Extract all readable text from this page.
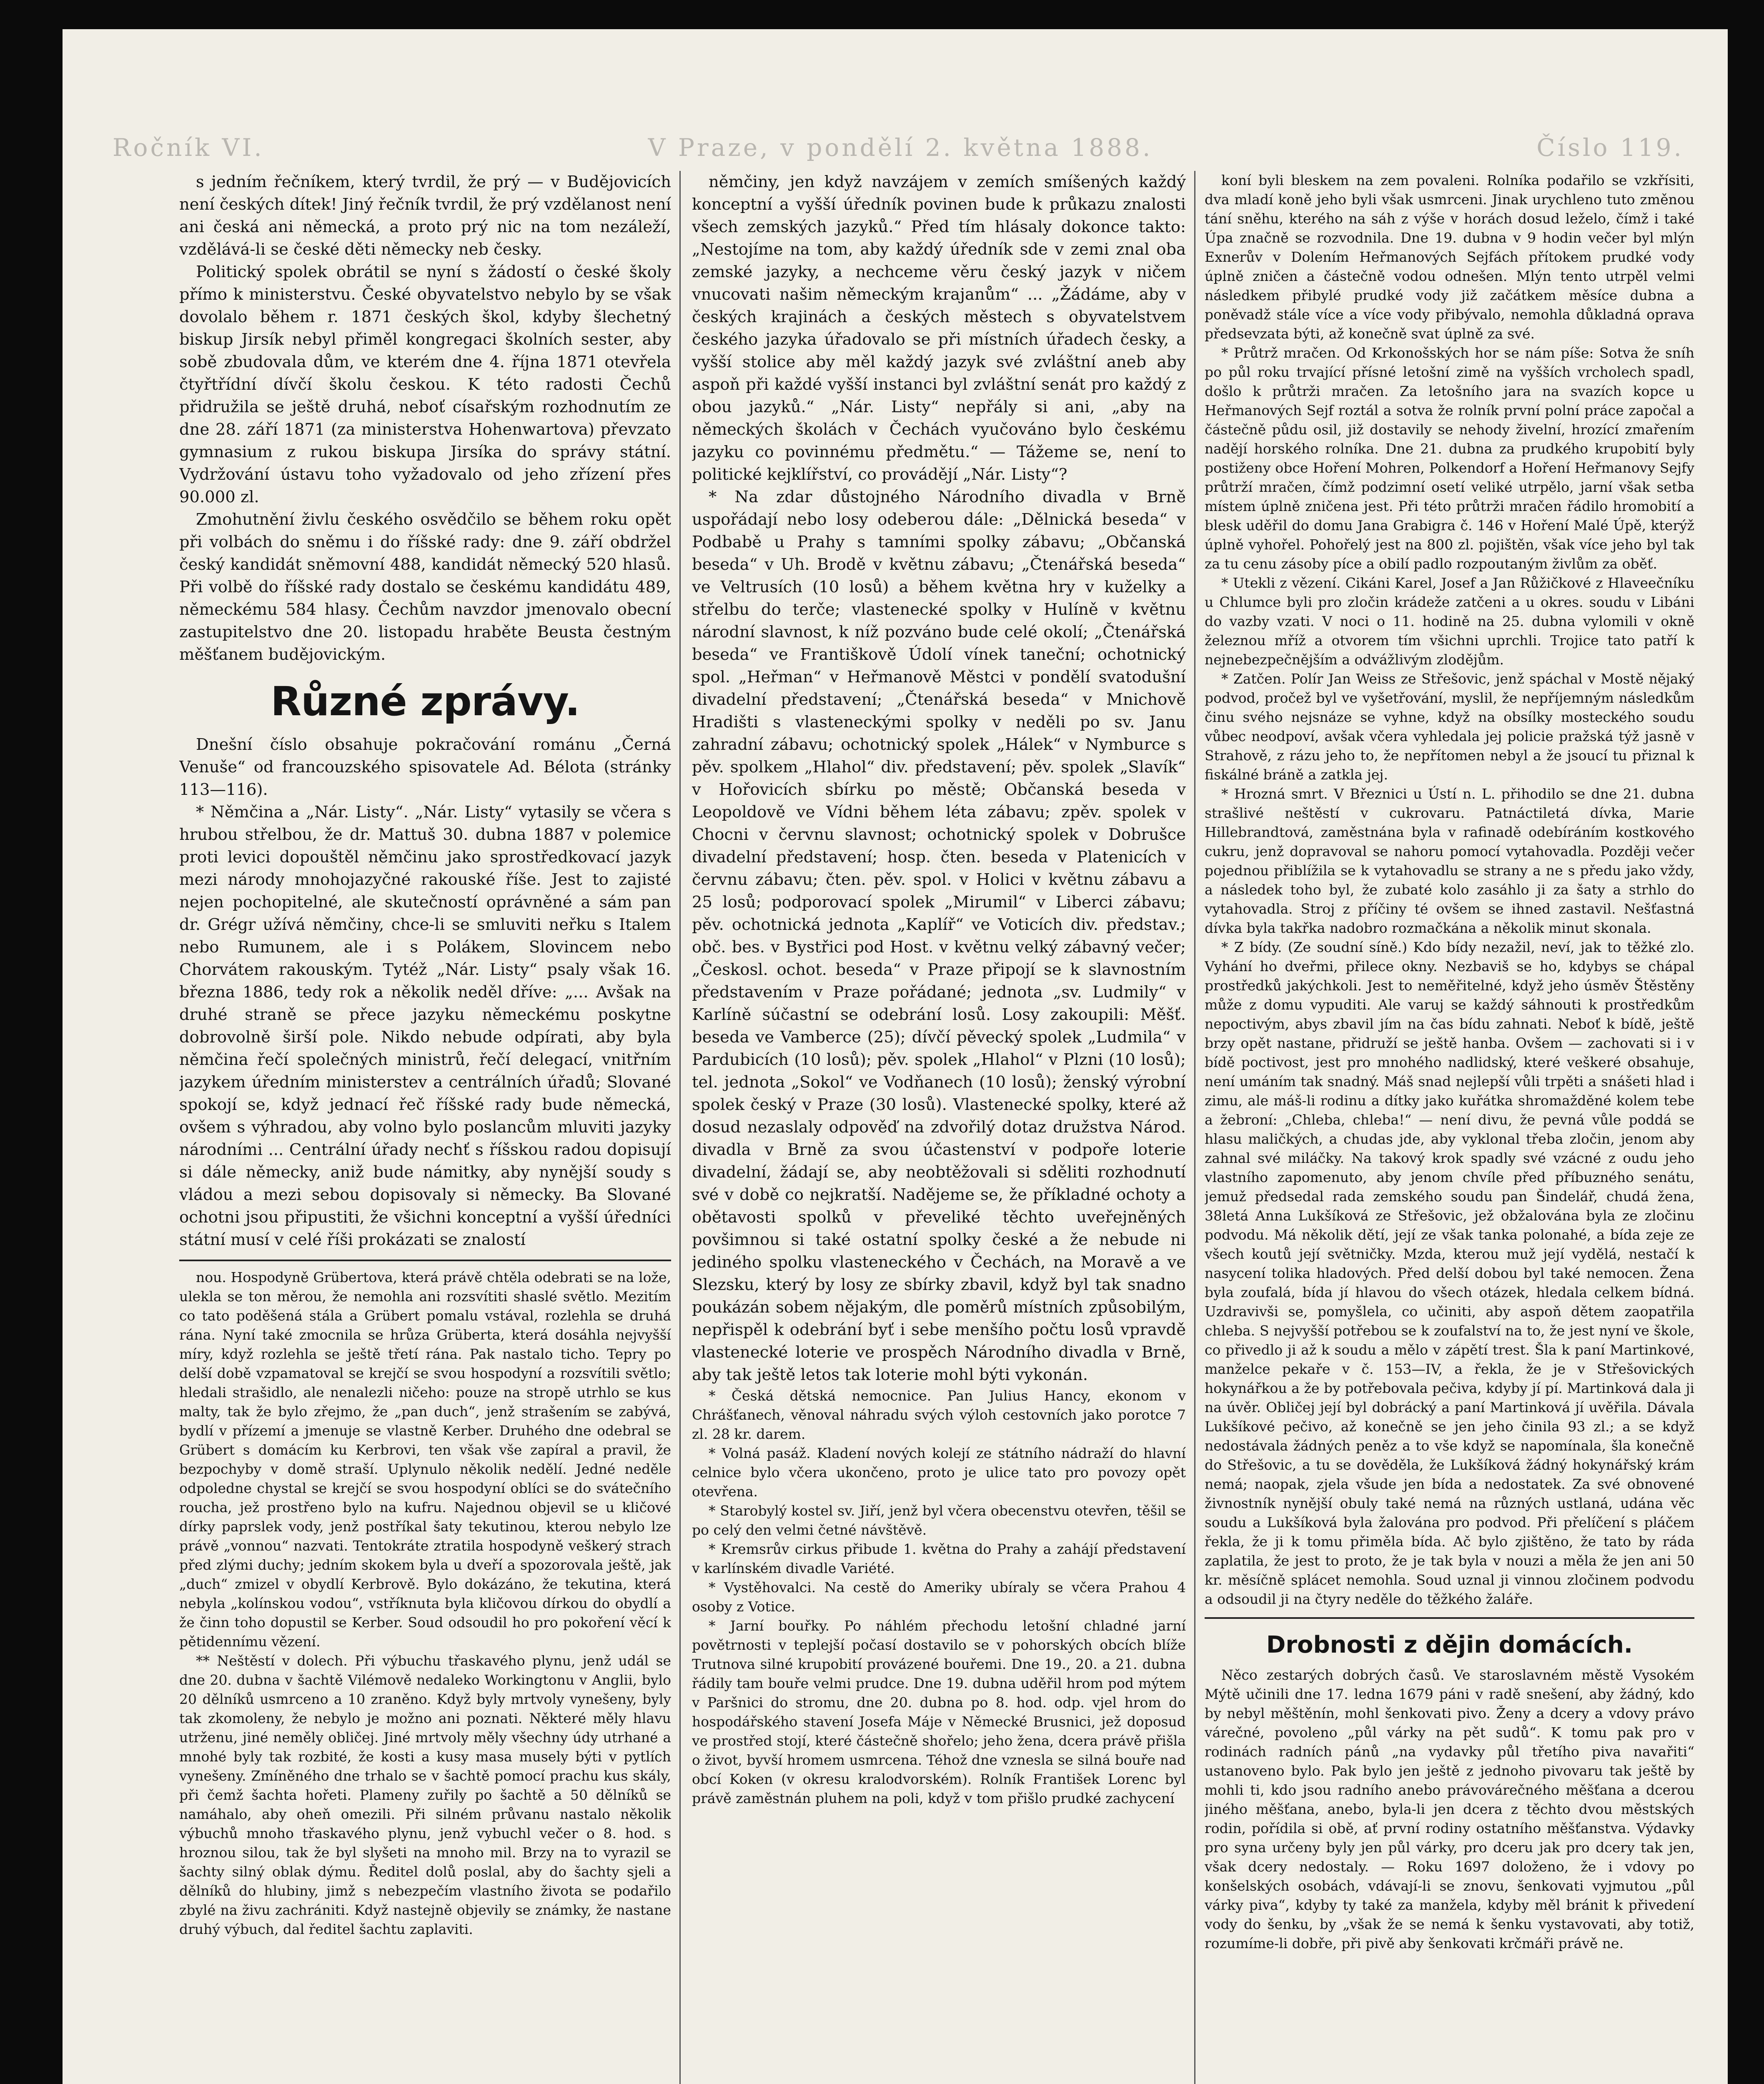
Ročník VI.	V Praze, v pondělí 2. května 1888.	Číslo 119.

s jedním řečníkem, který tvrdil, že prý — v Budějovicích není českých dítek! Jiný řečník tvrdil, že prý vzdělanost není ani česká ani německá, a proto prý nic na tom nezáleží, vzdělává-li se české děti německy neb česky.

Politický spolek obrátil se nyní s žádostí o české školy přímo k ministerstvu. České obyvatelstvo nebylo by se však dovolalo během r. 1871 českých škol, kdyby šlechetný biskup Jirsík nebyl přiměl kongregaci školních sester, aby sobě zbudovala dům, ve kterém dne 4. října 1871 otevřela čtyřtřídní dívčí školu českou. K této radosti Čechů přidružila se ještě druhá, neboť císařským rozhodnutím ze dne 28. září 1871 (za ministerstva Hohenwartova) převzato gymnasium z rukou biskupa Jirsíka do správy státní. Vydržování ústavu toho vyžadovalo od jeho zřízení přes 90.000 zl.

Zmohutnění živlu českého osvědčilo se během roku opět při volbách do sněmu i do říšské rady: dne 9. září obdržel český kandidát sněmovní 488, kandidát německý 520 hlasů. Při volbě do říšské rady dostalo se českému kandidátu 489, německému 584 hlasy. Čechům navzdor jmenovalo obecní zastupitelstvo dne 20. listopadu hraběte Beusta čestným měšťanem budějovickým.

Různé zprávy.

Dnešní číslo obsahuje pokračování románu „Černá Venuše“ od francouzského spisovatele Ad. Bélota (stránky 113—116).

* Němčina a „Nár. Listy“. „Nár. Listy“ vytasily se včera s hrubou střelbou, že dr. Mattuš 30. dubna 1887 v polemice proti levici dopouštěl němčinu jako sprostředkovací jazyk mezi národy mnohojazyčné rakouské říše. Jest to zajisté nejen pochopitelné, ale skutečností oprávněné a sám pan dr. Grégr užívá němčiny, chce-li se smluviti neřku s Italem nebo Rumunem, ale i s Polákem, Slovincem nebo Chorvátem rakouským. Tytéž „Nár. Listy“ psaly však 16. března 1886, tedy rok a několik neděl dříve: „... Avšak na druhé straně se přece jazyku německému poskytne dobrovolně širší pole. Nikdo nebude odpírati, aby byla němčina řečí společných ministrů, řečí delegací, vnitřním jazykem úředním ministerstev a centrálních úřadů; Slované spokojí se, když jednací řeč říšské rady bude německá, ovšem s výhradou, aby volno bylo poslancům mluviti jazyky národními ... Centrální úřady nechť s říšskou radou dopisují si dále německy, aniž bude námitky, aby nynější soudy s vládou a mezi sebou dopisovaly si německy. Ba Slované ochotni jsou připustiti, že všichni konceptní a vyšší úředníci státní musí v celé říši prokázati se znalostí

nou. Hospodyně Grübertova, která právě chtěla odebrati se na lože, ulekla se ton měrou, že nemohla ani rozsvítiti shaslé světlo. Mezitím co tato poděšená stála a Grübert pomalu vstával, rozlehla se druhá rána. Nyní také zmocnila se hrůza Grüberta, která dosáhla nejvyšší míry, když rozlehla se ještě třetí rána. Pak nastalo ticho. Tepry po delší době vzpamatoval se krejčí se svou hospodyní a rozsvítili světlo; hledali strašidlo, ale nenalezli ničeho: pouze na stropě utrhlo se kus malty, tak že bylo zřejmo, že „pan duch“, jenž strašením se zabývá, bydlí v přízemí a jmenuje se vlastně Kerber. Druhého dne odebral se Grübert s domácím ku Kerbrovi, ten však vše zapíral a pravil, že bezpochyby v domě straší. Uplynulo několik nedělí. Jedné neděle odpoledne chystal se krejčí se svou hospodyní oblíci se do svátečního roucha, jež prostřeno bylo na kufru. Najednou objevil se u kličové dírky paprslek vody, jenž postříkal šaty tekutinou, kterou nebylo lze právě „vonnou“ nazvati. Tentokráte ztratila hospodyně veškerý strach před zlými duchy; jedním skokem byla u dveří a spozorovala ještě, jak „duch“ zmizel v obydlí Kerbrově. Bylo dokázáno, že tekutina, která nebyla „kolínskou vodou“, vstříknuta byla kličovou dírkou do obydlí a že činn toho dopustil se Kerber. Soud odsoudil ho pro pokoření věcí k pětidennímu vězení.

** Neštěstí v dolech. Při výbuchu třaskavého plynu, jenž udál se dne 20. dubna v šachtě Vilémově nedaleko Workingtonu v Anglii, bylo 20 dělníků usmrceno a 10 zraněno. Když byly mrtvoly vynešeny, byly tak zkomoleny, že nebylo je možno ani poznati. Některé měly hlavu utrženu, jiné neměly obličej. Jiné mrtvoly měly všechny údy utrhané a mnohé byly tak rozbité, že kosti a kusy masa musely býti v pytlích vynešeny. Zmíněného dne trhalo se v šachtě pomocí prachu kus skály, při čemž šachta hořeti. Plameny zuřily po šachtě a 50 dělníků se namáhalo, aby oheň omezili. Při silném průvanu nastalo několik výbuchů mnoho třaskavého plynu, jenž vybuchl večer o 8. hod. s hroznou silou, tak že byl slyšeti na mnoho mil. Brzy na to vyrazil se šachty silný oblak dýmu. Ředitel dolů poslal, aby do šachty sjeli a dělníků do hlubiny, jimž s nebezpečím vlastního života se podařilo zbylé na živu zachrániti. Když nastejně objevily se známky, že nastane druhý výbuch, dal ředitel šachtu zaplaviti.

němčiny, jen když navzájem v zemích smíšených každý konceptní a vyšší úředník povinen bude k průkazu znalosti všech zemských jazyků.“ Před tím hlásaly dokonce takto: „Nestojíme na tom, aby každý úředník sde v zemi znal oba zemské jazyky, a nechceme věru český jazyk v ničem vnucovati našim německým krajanům“ ... „Žádáme, aby v českých krajinách a českých městech s obyvatelstvem českého jazyka úřadovalo se při místních úřadech česky, a vyšší stolice aby měl každý jazyk své zvláštní aneb aby aspoň při každé vyšší instanci byl zvláštní senát pro každý z obou jazyků.“ „Nár. Listy“ nepřály si ani, „aby na německých školách v Čechách vyučováno bylo českému jazyku co povinnému předmětu.“ — Tážeme se, není to politické kejklířství, co provádějí „Nár. Listy“?

* Na zdar důstojného Národního divadla v Brně uspořádají nebo losy odeberou dále: „Dělnická beseda“ v Podbabě u Prahy s tamními spolky zábavu; „Občanská beseda“ v Uh. Brodě v květnu zábavu; „Čtenářská beseda“ ve Veltrusích (10 losů) a během května hry v kuželky a střelbu do terče; vlastenecké spolky v Hulíně v květnu národní slavnost, k níž pozváno bude celé okolí; „Čtenářská beseda“ ve Františkově Údolí vínek taneční; ochotnický spol. „Heřman“ v Heřmanově Městci v pondělí svatodušní divadelní představení; „Čtenářská beseda“ v Mnichově Hradišti s vlasteneckými spolky v neděli po sv. Janu zahradní zábavu; ochotnický spolek „Hálek“ v Nymburce s pěv. spolkem „Hlahol“ div. představení; pěv. spolek „Slavík“ v Hořovicích sbírku po městě; Občanská beseda v Leopoldově ve Vídni během léta zábavu; zpěv. spolek v Chocni v červnu slavnost; ochotnický spolek v Dobrušce divadelní představení; hosp. čten. beseda v Platenicích v červnu zábavu; čten. pěv. spol. v Holici v květnu zábavu a 25 losů; podporovací spolek „Mirumil“ v Liberci zábavu; pěv. ochotnická jednota „Kaplíř“ ve Voticích div. představ.; obč. bes. v Bystřici pod Host. v květnu velký zábavný večer; „Českosl. ochot. beseda“ v Praze připojí se k slavnostním představením v Praze pořádané; jednota „sv. Ludmily“ v Karlíně súčastní se odebrání losů. Losy zakoupili: Měšť. beseda ve Vamberce (25); dívčí pěvecký spolek „Ludmila“ v Pardubicích (10 losů); pěv. spolek „Hlahol“ v Plzni (10 losů); tel. jednota „Sokol“ ve Vodňanech (10 losů); ženský výrobní spolek český v Praze (30 losů). Vlastenecké spolky, které až dosud nezaslaly odpověď na zdvořilý dotaz družstva Národ. divadla v Brně za svou účastenství v podpoře loterie divadelní, žádají se, aby neobtěžovali si sděliti rozhodnutí své v době co nejkratší. Nadějeme se, že příkladné ochoty a obětavosti spolků v převeliké těchto uveřejněných povšimnou si také ostatní spolky české a že nebude ni jediného spolku vlasteneckého v Čechách, na Moravě a ve Slezsku, který by losy ze sbírky zbavil, když byl tak snadno poukázán sobem nějakým, dle poměrů místních způsobilým, nepřispěl k odebrání byť i sebe menšího počtu losů vpravdě vlastenecké loterie ve prospěch Národního divadla v Brně, aby tak ještě letos tak loterie mohl býti vykonán.

* Česká dětská nemocnice. Pan Julius Hancy, ekonom v Chrášťanech, věnoval náhradu svých výloh cestovních jako porotce 7 zl. 28 kr. darem.

* Volná pasáž. Kladení nových kolejí ze státního nádraží do hlavní celnice bylo včera ukončeno, proto je ulice tato pro povozy opět otevřena.

* Starobylý kostel sv. Jiří, jenž byl včera obecenstvu otevřen, těšil se po celý den velmi četné návštěvě.

* Kremsrův cirkus přibude 1. května do Prahy a zahájí představení v karlínském divadle Variété.

* Vystěhovalci. Na cestě do Ameriky ubíraly se včera Prahou 4 osoby z Votice.

* Jarní bouřky. Po náhlém přechodu letošní chladné jarní povětrnosti v teplejší počasí dostavilo se v pohorských obcích blíže Trutnova silné krupobití provázené bouřemi. Dne 19., 20. a 21. dubna řádily tam bouře velmi prudce. Dne 19. dubna uděřil hrom pod mýtem v Paršnici do stromu, dne 20. dubna po 8. hod. odp. vjel hrom do hospodářského stavení Josefa Máje v Německé Brusnici, jež doposud ve prostřed stojí, které částečně shořelo; jeho žena, dcera právě přišla o život, byvší hromem usmrcena. Téhož dne vznesla se silná bouře nad obcí Koken (v okresu kralodvorském). Rolník František Lorenc byl právě zaměstnán pluhem na poli, když v tom přišlo prudké zachycení

koní byli bleskem na zem povaleni. Rolníka podařilo se vzkřísiti, dva mladí koně jeho byli však usmrceni. Jinak urychleno tuto změnou tání sněhu, kterého na sáh z výše v horách dosud leželo, čímž i také Úpa značně se rozvodnila. Dne 19. dubna v 9 hodin večer byl mlýn Exnerův v Dolením Heřmanových Sejfách přítokem prudké vody úplně zničen a částečně vodou odnešen. Mlýn tento utrpěl velmi následkem přibylé prudké vody již začátkem měsíce dubna a poněvadž stále více a více vody přibývalo, nemohla důkladná oprava předsevzata býti, až konečně svat úplně za své.

* Průtrž mračen. Od Krkonošských hor se nám píše: Sotva že sníh po půl roku trvající přísné letošní zimě na vyšších vrcholech spadl, došlo k průtrži mračen. Za letošního jara na svazích kopce u Heřmanových Sejf roztál a sotva že rolník první polní práce započal a částečně půdu osil, již dostavily se nehody živelní, hrozící zmařením nadějí horského rolníka. Dne 21. dubna za prudkého krupobití byly postiženy obce Hoření Mohren, Polkendorf a Hoření Heřmanovy Sejfy průtrží mračen, čímž podzimní osetí veliké utrpělo, jarní však setba místem úplně zničena jest. Při této průtrži mračen řádilo hromobití a blesk uděřil do domu Jana Grabigra č. 146 v Hoření Malé Úpě, kterýž úplně vyhořel. Pohořelý jest na 800 zl. pojištěn, však více jeho byl tak za tu cenu zásoby píce a obilí padlo rozpoutaným živlům za oběť.

* Utekli z vězení. Cikáni Karel, Josef a Jan Růžičkové z Hlaveečníku u Chlumce byli pro zločin krádeže zatčeni a u okres. soudu v Libáni do vazby vzati. V noci o 11. hodině na 25. dubna vylomili v okně železnou mříž a otvorem tím všichni uprchli. Trojice tato patří k nejnebezpečnějším a odvážlivým zlodějům.

* Zatčen. Polír Jan Weiss ze Střešovic, jenž spáchal v Mostě nějaký podvod, pročež byl ve vyšetřování, myslil, že nepříjemným následkům činu svého nejsnáze se vyhne, když na obsílky mosteckého soudu vůbec neodpoví, avšak včera vyhledala jej policie pražská týž jasně v Strahově, z rázu jeho to, že nepřítomen nebyl a že jsoucí tu přiznal k fiskálné bráně a zatkla jej.

* Hrozná smrt. V Březnici u Ústí n. L. přihodilo se dne 21. dubna strašlivé neštěstí v cukrovaru. Patnáctiletá dívka, Marie Hillebrandtová, zaměstnána byla v rafinadě odebíráním kostkového cukru, jenž dopravoval se nahoru pomocí vytahovadla. Později večer pojednou přiblížila se k vytahovadlu se strany a ne s předu jako vždy, a následek toho byl, že zubaté kolo zasáhlo ji za šaty a strhlo do vytahovadla. Stroj z příčiny té ovšem se ihned zastavil. Nešťastná dívka byla takřka nadobro rozmačkána a několik minut skonala.

* Z bídy. (Ze soudní síně.) Kdo bídy nezažil, neví, jak to těžké zlo. Vyhání ho dveřmi, přilece okny. Nezbaviš se ho, kdybys se chápal prostředků jakýchkoli. Jest to neměřitelné, když jeho úsměv Štěstěny může z domu vypuditi. Ale varuj se každý sáhnouti k prostředkům nepoctivým, abys zbavil jím na čas bídu zahnati. Neboť k bídě, ještě brzy opět nastane, přidruží se ještě hanba. Ovšem — zachovati si i v bídě poctivost, jest pro mnohého nadlidský, které veškeré obsahuje, není umáním tak snadný. Máš snad nejlepší vůli trpěti a snášeti hlad i zimu, ale máš-li rodinu a dítky jako kuřátka shromažděné kolem tebe a žebroní: „Chleba, chleba!“ — není divu, že pevná vůle poddá se hlasu maličkých, a chudas jde, aby vyklonal třeba zločin, jenom aby zahnal své miláčky. Na takový krok spadly své vzácné z oudu jeho vlastního zapomenuto, aby jenom chvíle před příbuzného senátu, jemuž předsedal rada zemského soudu pan Šindelář, chudá žena, 38letá Anna Lukšíková ze Střešovic, jež obžalována byla ze zločinu podvodu. Má několik dětí, její ze však tanka polonahé, a bída zeje ze všech koutů její světničky. Mzda, kterou muž její vydělá, nestačí k nasycení tolika hladových. Před delší dobou byl také nemocen. Žena byla zoufalá, bída jí hlavou do všech otázek, hledala celkem bídná. Uzdravivši se, pomyšlela, co učiniti, aby aspoň dětem zaopatřila chleba. S nejvyšší potřebou se k zoufalství na to, že jest nyní ve škole, co přivedlo ji až k soudu a mělo v zápětí trest. Šla k paní Martinkové, manželce pekaře v č. 153—IV, a řekla, že je v Střešovických hokynářkou a že by potřebovala pečiva, kdyby jí pí. Martinková dala ji na úvěr. Obličej její byl dobrácký a paní Martinková jí uvěřila. Dávala Lukšíkové pečivo, až konečně se jen jeho činila 93 zl.; a se když nedostávala žádných peněz a to vše když se napomínala, šla konečně do Střešovic, a tu se dověděla, že Lukšíková žádný hokynářský krám nemá; naopak, zjela všude jen bída a nedostatek. Za své obnovené živnostník nynější obuly také nemá na různých ustlaná, udána věc soudu a Lukšíková byla žalována pro podvod. Při přelíčení s pláčem řekla, že ji k tomu přiměla bída. Ač bylo zjištěno, že tato by ráda zaplatila, že jest to proto, že je tak byla v nouzi a měla že jen ani 50 kr. měsíčně splácet nemohla. Soud uznal ji vinnou zločinem podvodu a odsoudil ji na čtyry neděle do těžkého žaláře.

Drobnosti z dějin domácích.

Něco zestarých dobrých časů. Ve staroslavném městě Vysokém Mýtě učinili dne 17. ledna 1679 páni v radě snešení, aby žádný, kdo by nebyl měštěnín, mohl šenkovati pivo. Ženy a dcery a vdovy právo várečné, povoleno „půl várky na pět sudů“. K tomu pak pro v rodinách radních pánů „na vydavky půl třetího piva navařiti“ ustanoveno bylo. Pak bylo jen ještě z jednoho pivovaru tak ještě by mohli ti, kdo jsou radního anebo právovárečného měšťana a dcerou jiného měšťana, anebo, byla-li jen dcera z těchto dvou městských rodin, pořídila si obě, ať první rodiny ostatního měšťanstva. Výdavky pro syna určeny byly jen půl várky, pro dceru jak pro dcery tak jen, však dcery nedostaly. — Roku 1697 doloženo, že i vdovy po konšelských osobách, vdávají-li se znovu, šenkovati vyjmutou „půl várky piva“, kdyby ty také za manžela, kdyby měl bránit k přivedení vody do šenku, by „však že se nemá k šenku vystavovati, aby totiž, rozumíme-li dobře, při pivě aby šenkovati krčmáři právě ne.
